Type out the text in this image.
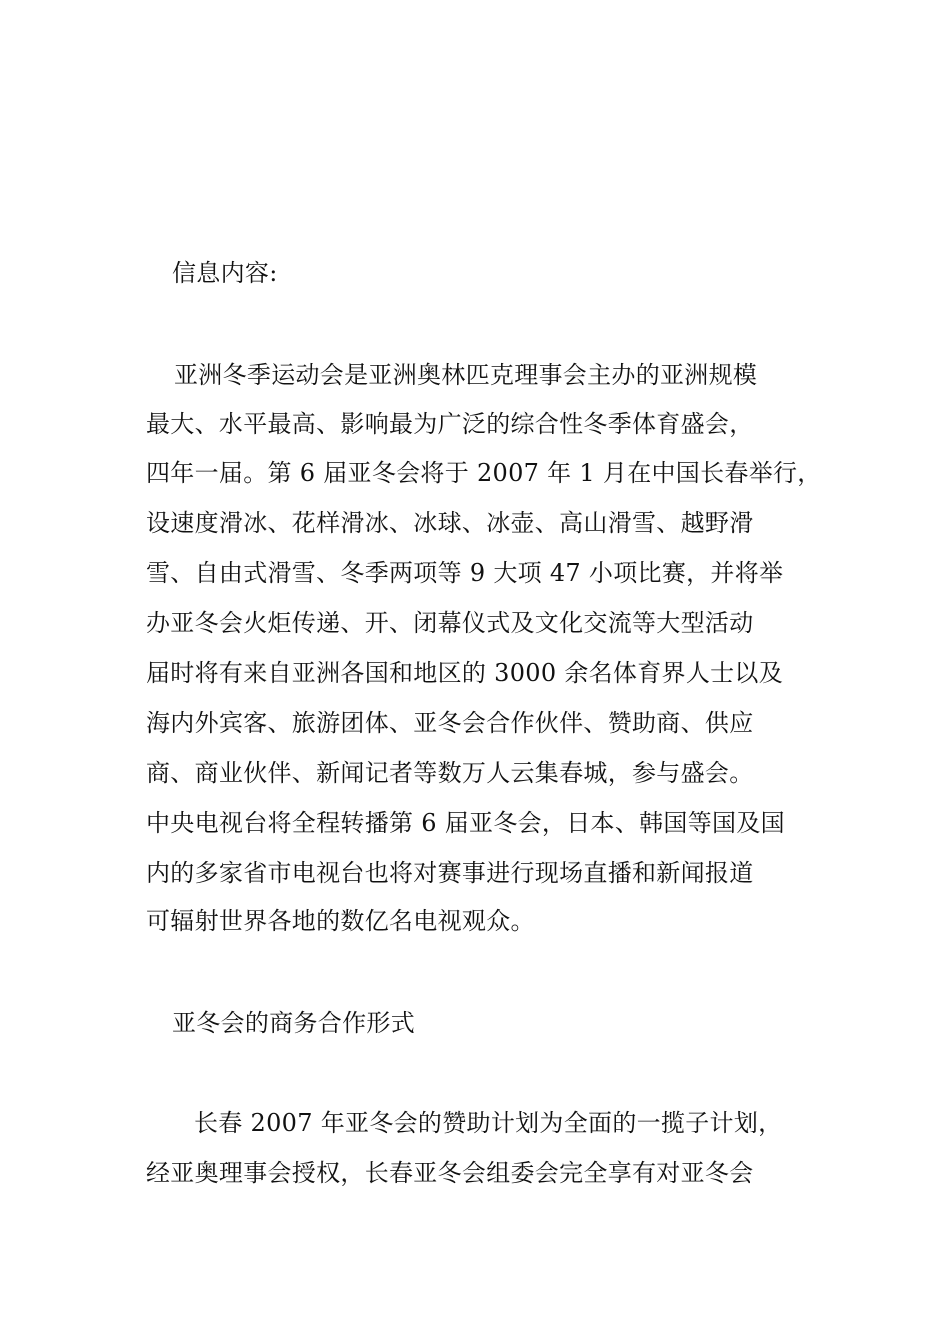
信息内容:
亚洲冬季运动会是亚洲奥林匹克理事会主办的亚洲规模
最大、水平最高、影响最为广泛的综合性冬季体育盛会，
四年一届。第 6 届亚冬会将于 2007 年 1 月在中国长春举行，
设速度滑冰、花样滑冰、冰球、冰壶、高山滑雪、越野滑
雪、自由式滑雪、冬季两项等 9 大项 47 小项比赛，并将举
办亚冬会火炬传递、开、闭幕仪式及文化交流等大型活动
届时将有来自亚洲各国和地区的 3000 余名体育界人士以及
海内外宾客、旅游团体、亚冬会合作伙伴、赞助商、供应
商、商业伙伴、新闻记者等数万人云集春城，参与盛会。
中央电视台将全程转播第 6 届亚冬会，日本、韩国等国及国
内的多家省市电视台也将对赛事进行现场直播和新闻报道
可辐射世界各地的数亿名电视观众。
亚冬会的商务合作形式
长春 2007 年亚冬会的赞助计划为全面的一揽子计划，
经亚奥理事会授权，长春亚冬会组委会完全享有对亚冬会
